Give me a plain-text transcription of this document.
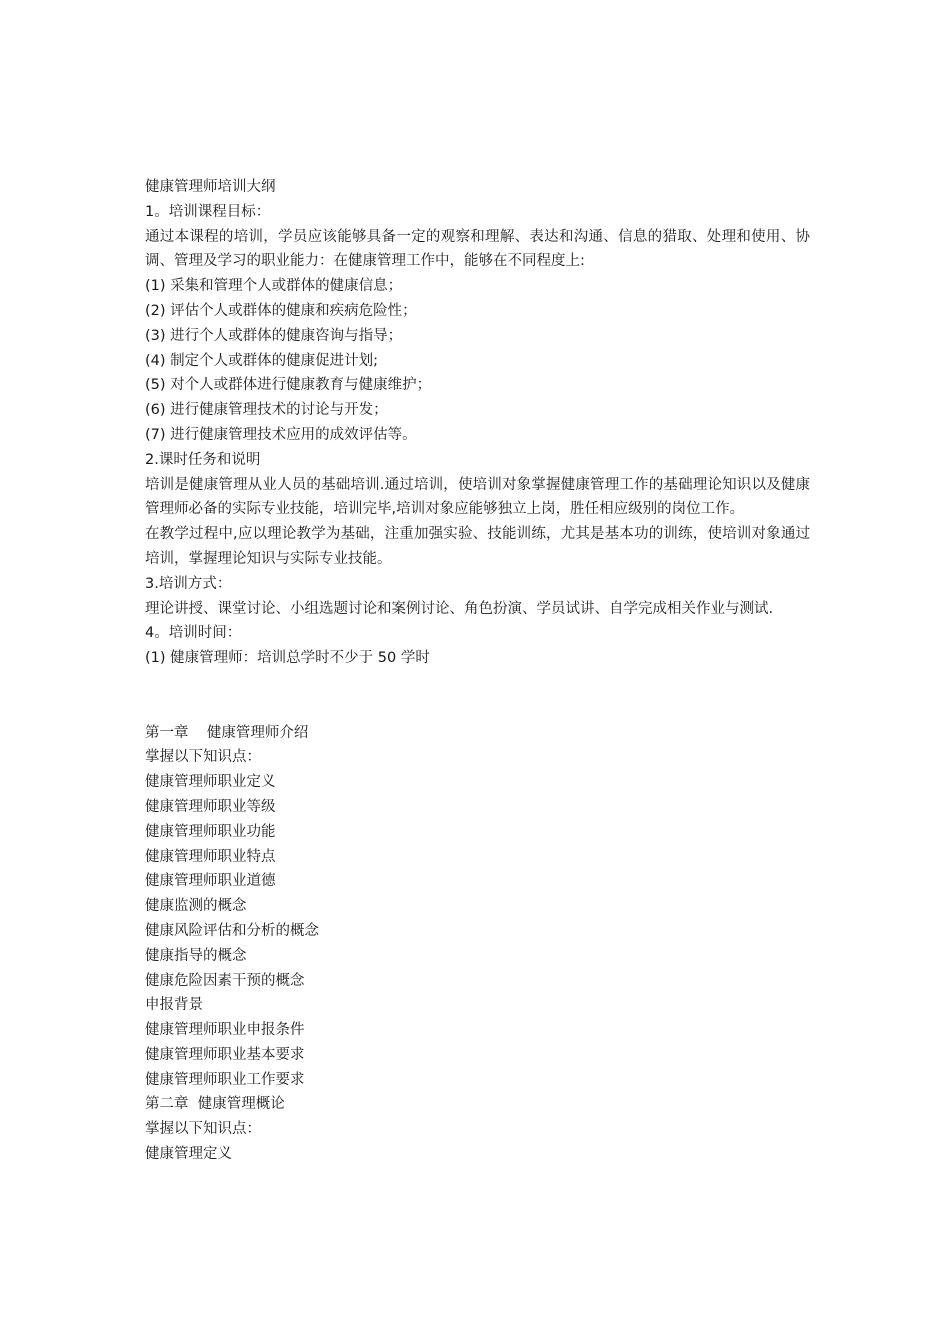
健康管理师培训大纲
1。培训课程目标：
通过本课程的培训，学员应该能够具备一定的观察和理解、表达和沟通、信息的猎取、处理和使用、协调、管理及学习的职业能力：在健康管理工作中，能够在不同程度上:
(1) 采集和管理个人或群体的健康信息；
(2) 评估个人或群体的健康和疾病危险性；
(3) 进行个人或群体的健康咨询与指导；
(4) 制定个人或群体的健康促进计划;
(5) 对个人或群体进行健康教育与健康维护；
(6) 进行健康管理技术的讨论与开发；
(7) 进行健康管理技术应用的成效评估等。
2.课时任务和说明
培训是健康管理从业人员的基础培训.通过培训，使培训对象掌握健康管理工作的基础理论知识以及健康管理师必备的实际专业技能，培训完毕,培训对象应能够独立上岗，胜任相应级别的岗位工作。
在教学过程中,应以理论教学为基础，注重加强实验、技能训练，尤其是基本功的训练，使培训对象通过培训，掌握理论知识与实际专业技能。
3.培训方式：
理论讲授、课堂讨论、小组选题讨论和案例讨论、角色扮演、学员试讲、自学完成相关作业与测试.
4。培训时间：
(1) 健康管理师：培训总学时不少于 50 学时
第一章    健康管理师介绍
掌握以下知识点：
健康管理师职业定义
健康管理师职业等级
健康管理师职业功能
健康管理师职业特点
健康管理师职业道德
健康监测的概念
健康风险评估和分析的概念
健康指导的概念
健康危险因素干预的概念
申报背景
健康管理师职业申报条件
健康管理师职业基本要求
健康管理师职业工作要求
第二章  健康管理概论
掌握以下知识点：
健康管理定义
